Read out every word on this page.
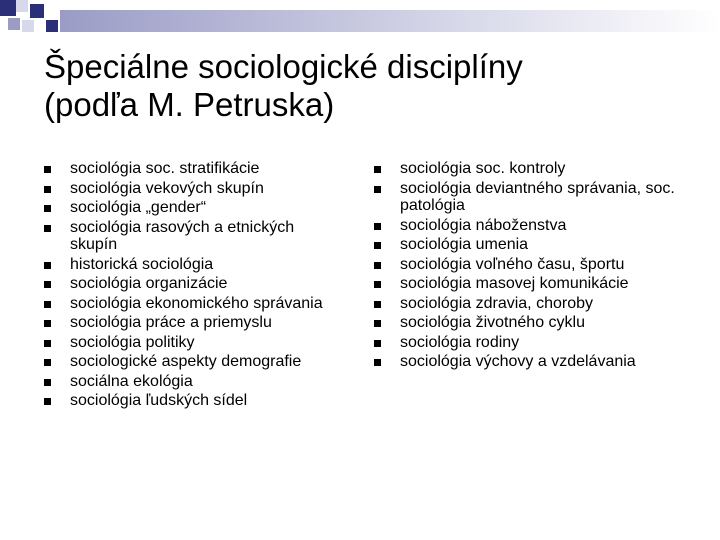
Špeciálne sociologické disciplíny
(podľa M. Petruska)
sociológia soc. stratifikácie
sociológia vekových skupín
sociológia „gender“
sociológia rasových a etnických skupín
historická sociológia
sociológia organizácie
sociológia ekonomického správania
sociológia práce a priemyslu
sociológia politiky
sociologické aspekty demografie
sociálna ekológia
sociológia ľudských sídel
sociológia soc. kontroly
sociológia deviantného správania, soc. patológia
sociológia náboženstva
sociológia umenia
sociológia voľného času, športu
sociológia masovej komunikácie
sociológia zdravia, choroby
sociológia životného cyklu
sociológia rodiny
sociológia výchovy a vzdelávania
